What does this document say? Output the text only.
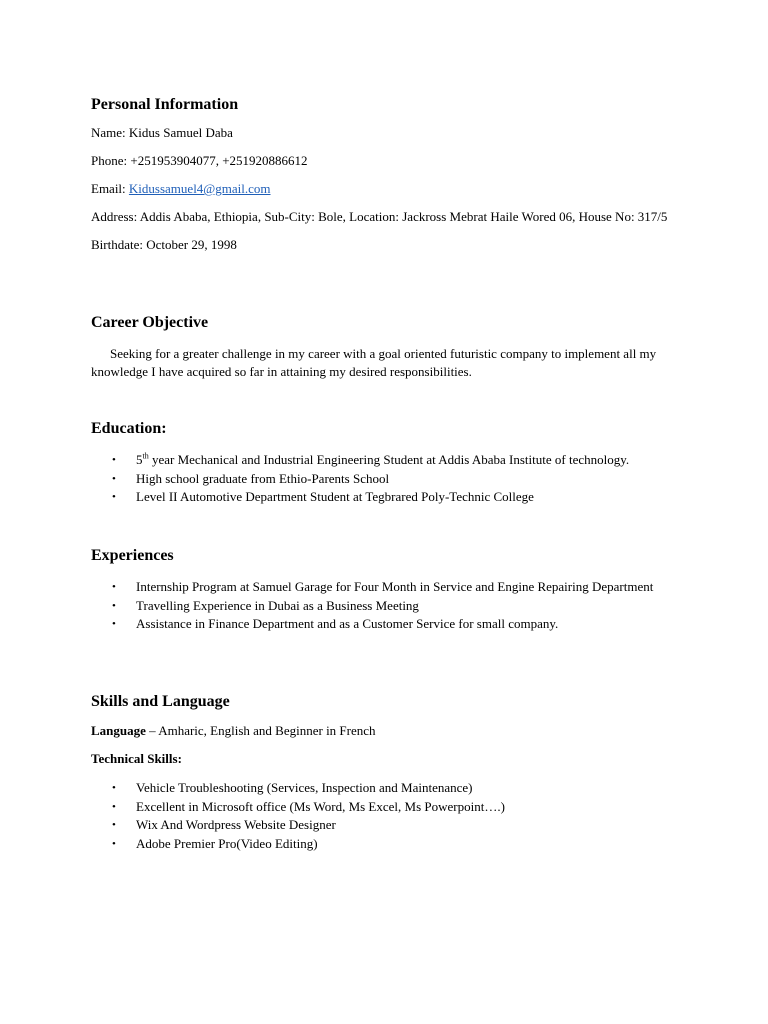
Personal Information

Name: Kidus Samuel Daba

Phone: +251953904077, +251920886612

Email: Kidussamuel4@gmail.com

Address: Addis Ababa, Ethiopia, Sub-City: Bole, Location: Jackross Mebrat Haile Wored 06, House No: 317/5

Birthdate: October 29, 1998

Career Objective

Seeking for a greater challenge in my career with a goal oriented futuristic company to implement all my knowledge I have acquired so far in attaining my desired responsibilities.

Education:
• 5th year Mechanical and Industrial Engineering Student at Addis Ababa Institute of technology.
• High school graduate from Ethio-Parents School
• Level II Automotive Department Student at Tegbrared Poly-Technic College
Experiences
• Internship Program at Samuel Garage for Four Month in Service and Engine Repairing Department
• Travelling Experience in Dubai as a Business Meeting
• Assistance in Finance Department and as a Customer Service for small company.
Skills and Language

Language – Amharic, English and Beginner in French

Technical Skills:

• Vehicle Troubleshooting (Services, Inspection and Maintenance)
• Excellent in Microsoft office (Ms Word, Ms Excel, Ms Powerpoint….)
• Wix And Wordpress Website Designer
• Adobe Premier Pro(Video Editing)
